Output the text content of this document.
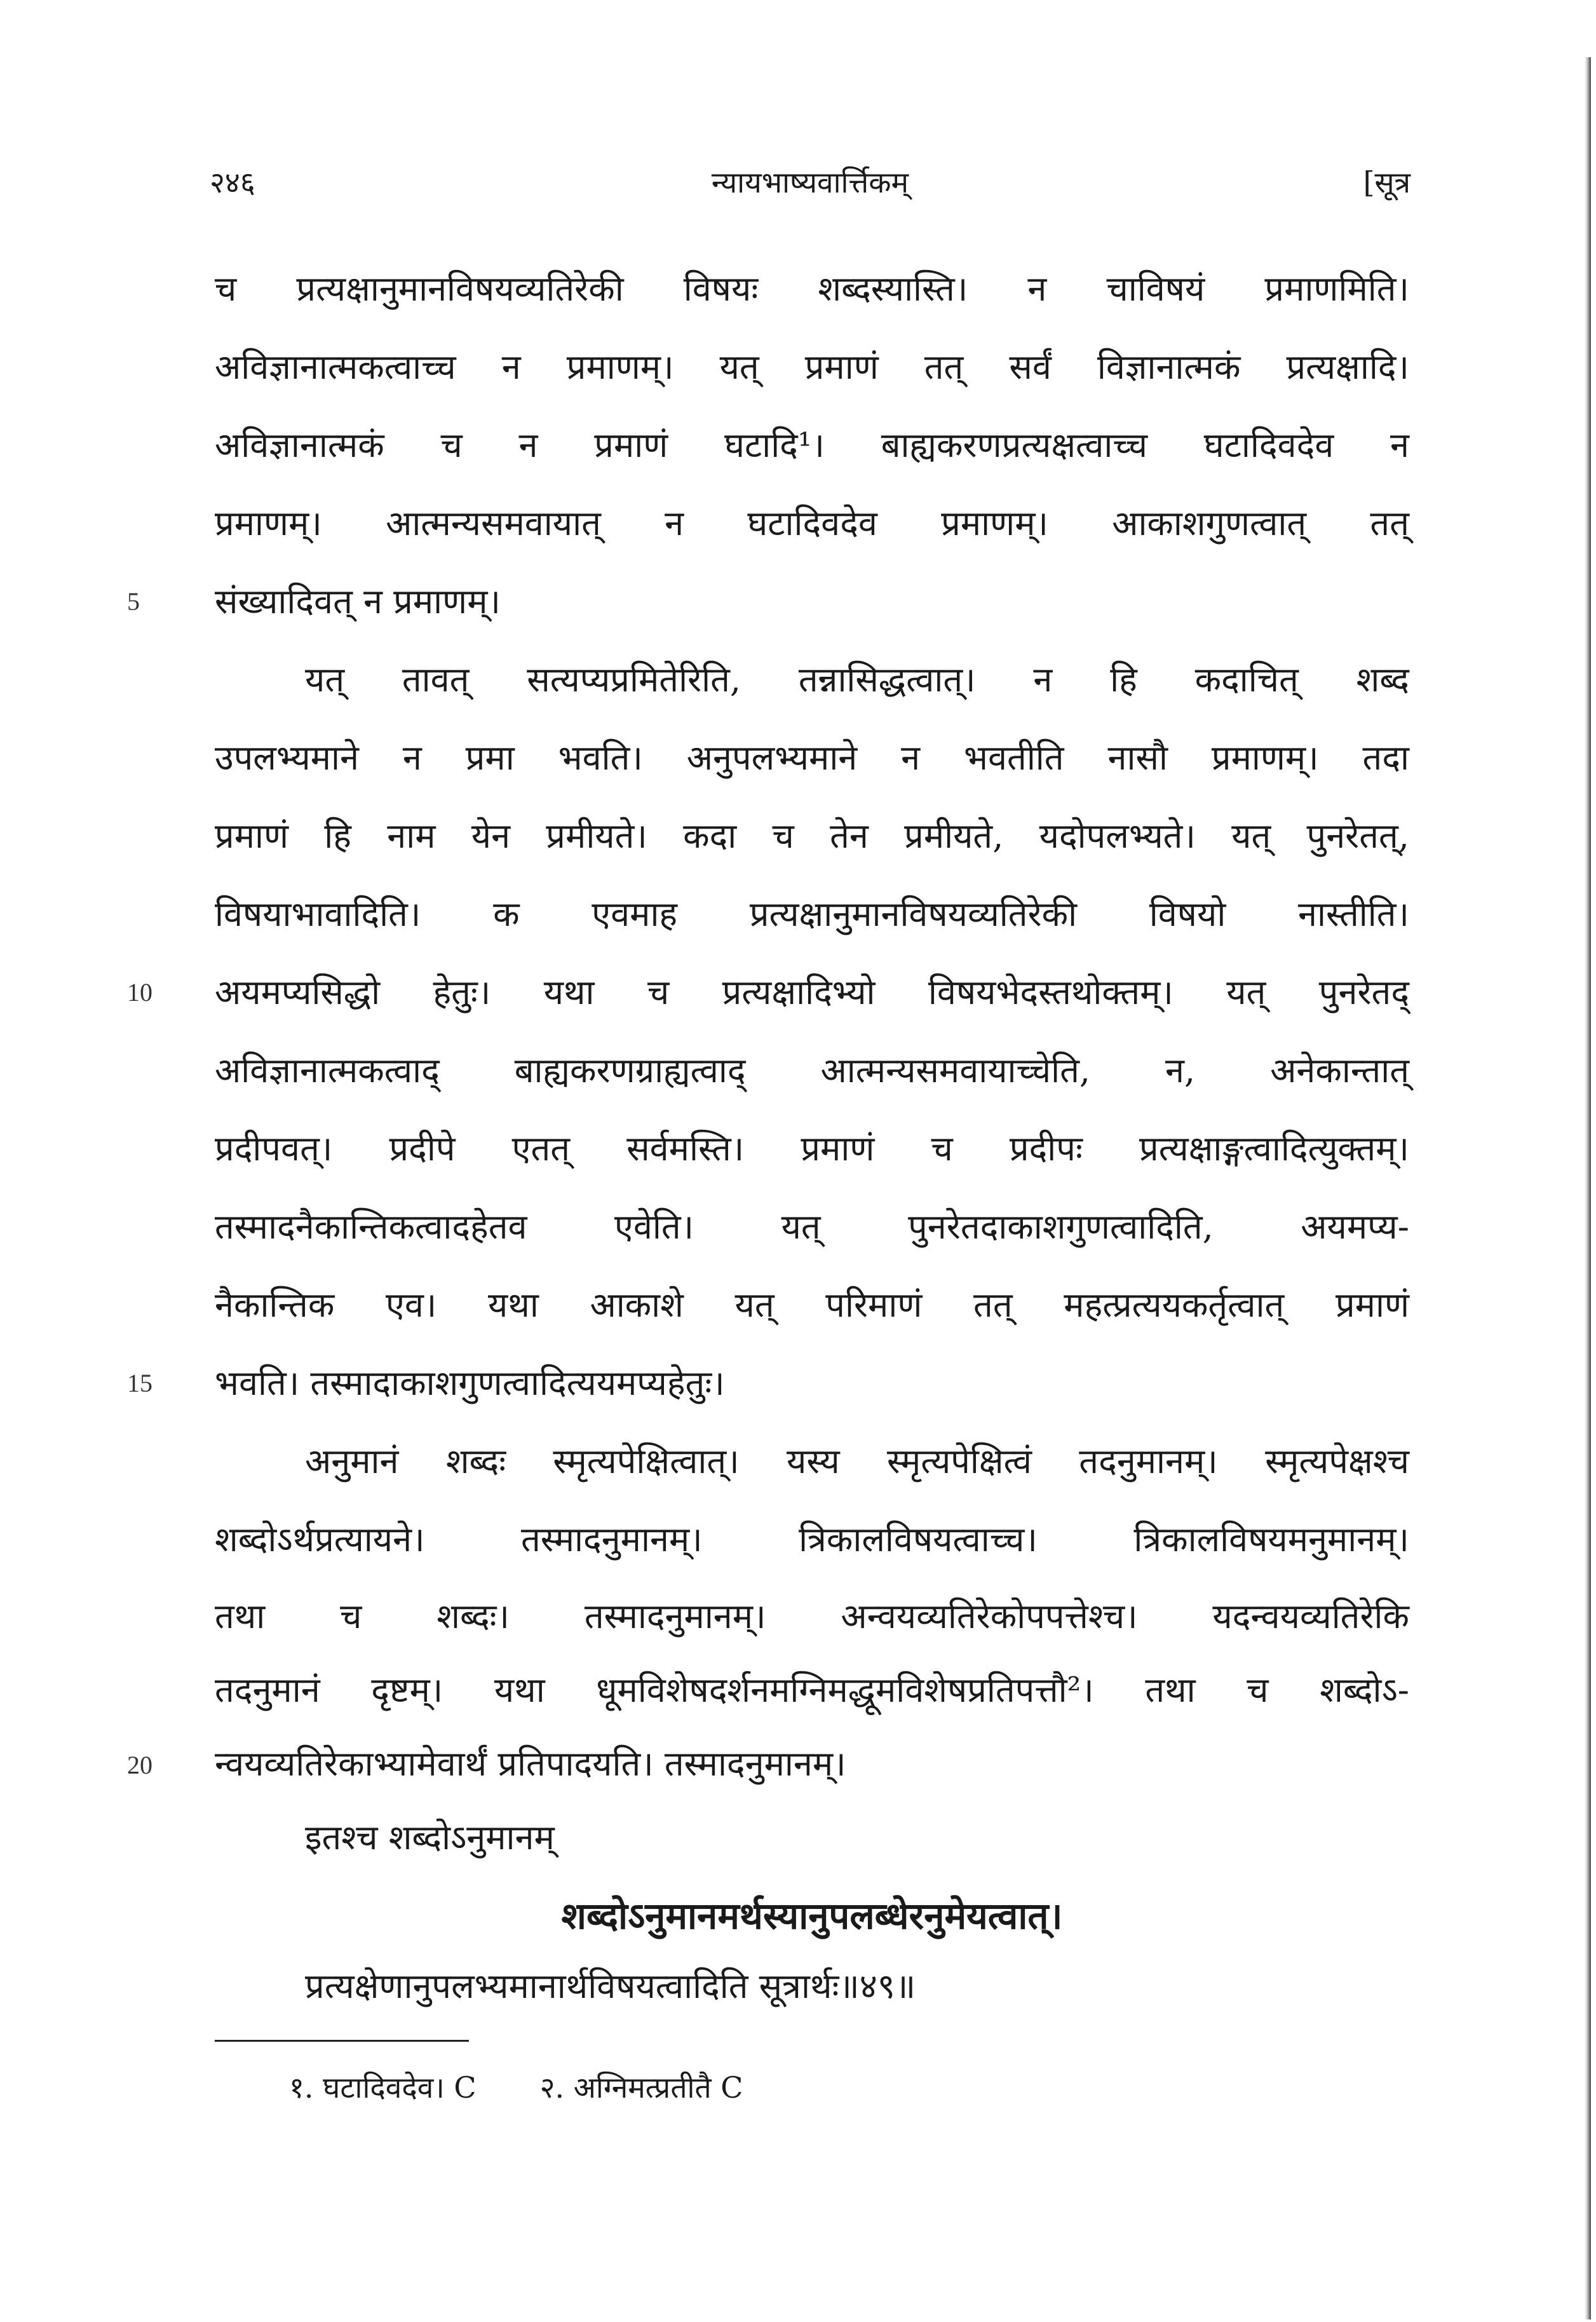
२४६	न्यायभाष्यवार्त्तिकम्	[सूत्र
च प्रत्यक्षानुमानविषयव्यतिरेकी विषयः शब्दस्यास्ति। न चाविषयं प्रमाणमिति।
अविज्ञानात्मकत्वाच्च न प्रमाणम्। यत् प्रमाणं तत् सर्वं विज्ञानात्मकं प्रत्यक्षादि।
अविज्ञानात्मकं च न प्रमाणं घटादि¹। बाह्यकरणप्रत्यक्षत्वाच्च घटादिवदेव न
प्रमाणम्। आत्मन्यसमवायात् न घटादिवदेव प्रमाणम्। आकाशगुणत्वात् तत्
संख्यादिवत् न प्रमाणम्।
यत् तावत् सत्यप्यप्रमितेरिति, तन्नासिद्धत्वात्। न हि कदाचित् शब्द
उपलभ्यमाने न प्रमा भवति। अनुपलभ्यमाने न भवतीति नासौ प्रमाणम्। तदा
प्रमाणं हि नाम येन प्रमीयते। कदा च तेन प्रमीयते, यदोपलभ्यते। यत् पुनरेतत्,
विषयाभावादिति। क एवमाह प्रत्यक्षानुमानविषयव्यतिरेकी विषयो नास्तीति।
अयमप्यसिद्धो हेतुः। यथा च प्रत्यक्षादिभ्यो विषयभेदस्तथोक्तम्। यत् पुनरेतद्
अविज्ञानात्मकत्वाद् बाह्यकरणग्राह्यत्वाद् आत्मन्यसमवायाच्चेति, न, अनेकान्तात्
प्रदीपवत्। प्रदीपे एतत् सर्वमस्ति। प्रमाणं च प्रदीपः प्रत्यक्षाङ्गत्वादित्युक्तम्।
तस्मादनैकान्तिकत्वादहेतव एवेति। यत् पुनरेतदाकाशगुणत्वादिति, अयमप्य-
नैकान्तिक एव। यथा आकाशे यत् परिमाणं तत् महत्प्रत्ययकर्तृत्वात् प्रमाणं
भवति। तस्मादाकाशगुणत्वादित्ययमप्यहेतुः।
अनुमानं शब्दः स्मृत्यपेक्षित्वात्। यस्य स्मृत्यपेक्षित्वं तदनुमानम्। स्मृत्यपेक्षश्च
शब्दोऽर्थप्रत्यायने। तस्मादनुमानम्। त्रिकालविषयत्वाच्च। त्रिकालविषयमनुमानम्।
5
10
15
तथा च शब्दः। तस्मादनुमानम्। अन्वयव्यतिरेकोपपत्तेश्च। यदन्वयव्यतिरेकि
तदनुमानं दृष्टम्। यथा धूमविशेषदर्शनमग्निमद्धूमविशेषप्रतिपत्तौ²। तथा च शब्दोऽ-
न्वयव्यतिरेकाभ्यामेवार्थं प्रतिपादयति। तस्मादनुमानम्।
इतश्च शब्दोऽनुमानम्
20
शब्दोऽनुमानमर्थस्यानुपलब्धेरनुमेयत्वात्।
प्रत्यक्षेणानुपलभ्यमानार्थविषयत्वादिति सूत्रार्थः॥४९॥
१. घटादिवदेव। C २. अग्निमत्प्रतीतै C
